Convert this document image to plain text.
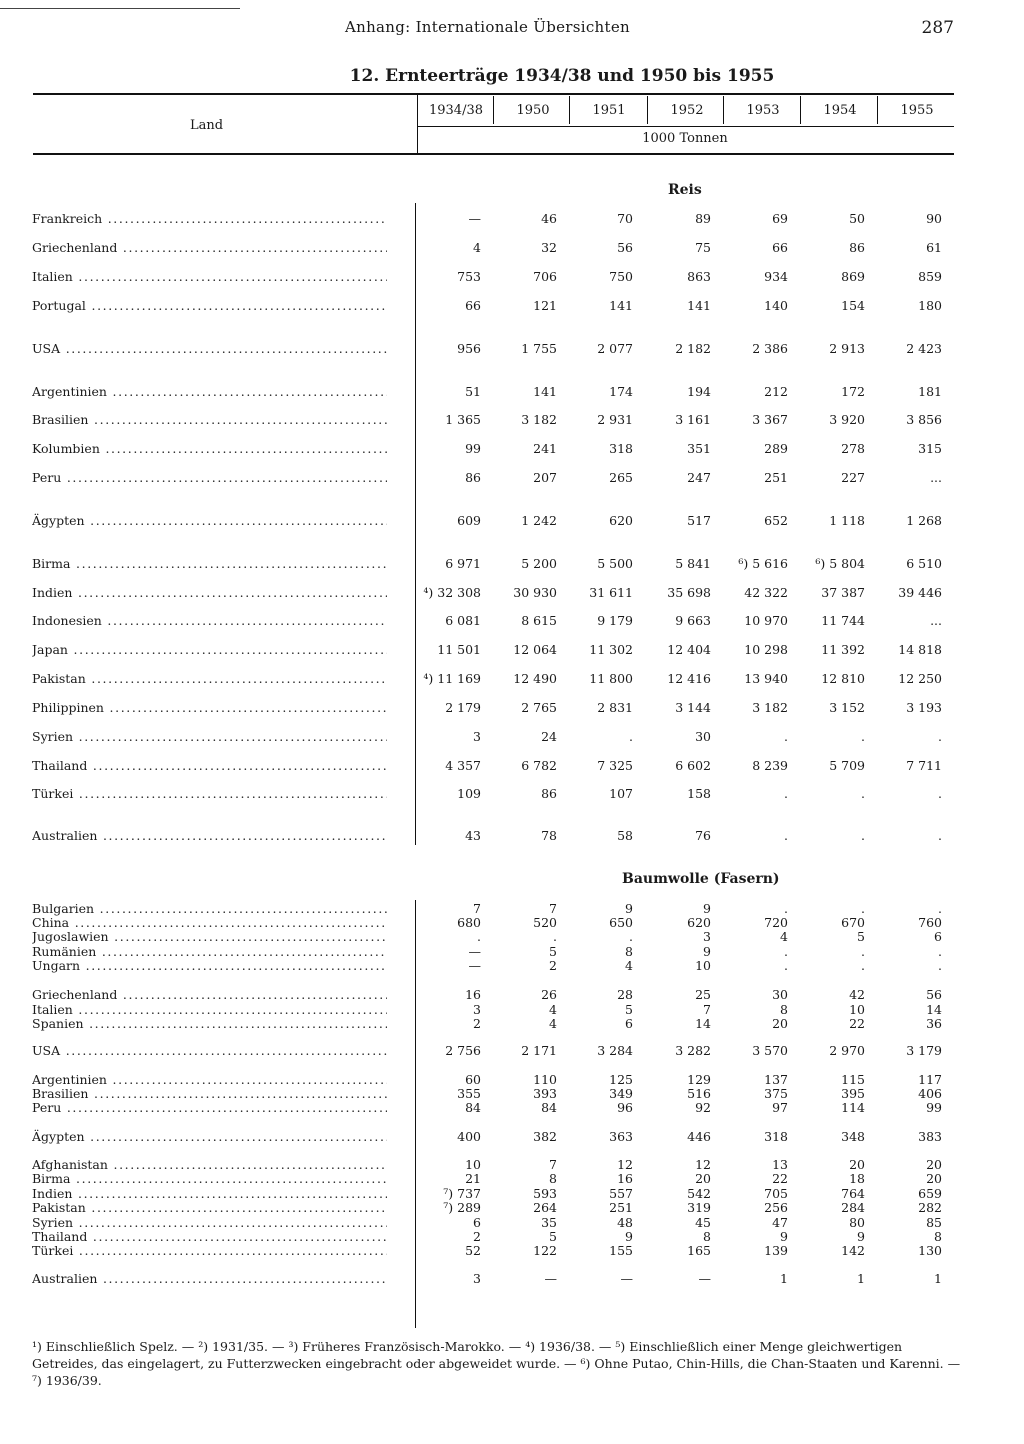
Anhang: Internationale Übersichten	287
12. Ernteerträge 1934/38 und 1950 bis 1955
Land
1000 Tonnen
1934/38	1950	1951	1952	1953	1954	1955
Reis
Frankreich .....	—	46	70	89	69	50	90
Griechenland .....	4	32	56	75	66	86	61
Italien .....	753	706	750	863	934	869	859
Portugal .....	66	121	141	141	140	154	180
USA .....	956	1 755	2 077	2 182	2 386	2 913	2 423
Argentinien .....	51	141	174	194	212	172	181
Brasilien .....	1 365	3 182	2 931	3 161	3 367	3 920	3 856
Kolumbien .....	99	241	318	351	289	278	315
Peru .....	86	207	265	247	251	227	...
Ägypten .....	609	1 242	620	517	652	1 118	1 268
Birma .....	6 971	5 200	5 500	5 841	⁶) 5 616	⁶) 5 804	6 510
Indien .....	⁴) 32 308	30 930	31 611	35 698	42 322	37 387	39 446
Indonesien .....	6 081	8 615	9 179	9 663	10 970	11 744	...
Japan .....	11 501	12 064	11 302	12 404	10 298	11 392	14 818
Pakistan .....	⁴) 11 169	12 490	11 800	12 416	13 940	12 810	12 250
Philippinen .....	2 179	2 765	2 831	3 144	3 182	3 152	3 193
Syrien .....	3	24	.	30	.	.	.
Thailand .....	4 357	6 782	7 325	6 602	8 239	5 709	7 711
Türkei .....	109	86	107	158	.	.	.
Australien .....	43	78	58	76	.	.	.
Baumwolle (Fasern)
Bulgarien .....	7	7	9	9	.	.	.
China .....	680	520	650	620	720	670	760
Jugoslawien .....	.	.	.	3	4	5	6
Rumänien .....	—	5	8	9	.	.	.
Ungarn .....	—	2	4	10	.	.	.
Griechenland .....	16	26	28	25	30	42	56
Italien .....	3	4	5	7	8	10	14
Spanien .....	2	4	6	14	20	22	36
USA .....	2 756	2 171	3 284	3 282	3 570	2 970	3 179
Argentinien .....	60	110	125	129	137	115	117
Brasilien .....	355	393	349	516	375	395	406
Peru .....	84	84	96	92	97	114	99
Ägypten .....	400	382	363	446	318	348	383
Afghanistan .....	10	7	12	12	13	20	20
Birma .....	21	8	16	20	22	18	20
Indien .....	⁷) 737	593	557	542	705	764	659
Pakistan .....	⁷) 289	264	251	319	256	284	282
Syrien .....	6	35	48	45	47	80	85
Thailand .....	2	5	9	8	9	9	8
Türkei .....	52	122	155	165	139	142	130
Australien .....	3	—	—	—	1	1	1
¹) Einschließlich Spelz. — ²) 1931/35. — ³) Früheres Französisch-Marokko. — ⁴) 1936/38. — ⁵) Einschließlich einer Menge gleichwertigen Getreides, das eingelagert, zu Futterzwecken eingebracht oder abgeweidet wurde. — ⁶) Ohne Putao, Chin-Hills, die Chan-Staaten und Karenni. — ⁷) 1936/39.
